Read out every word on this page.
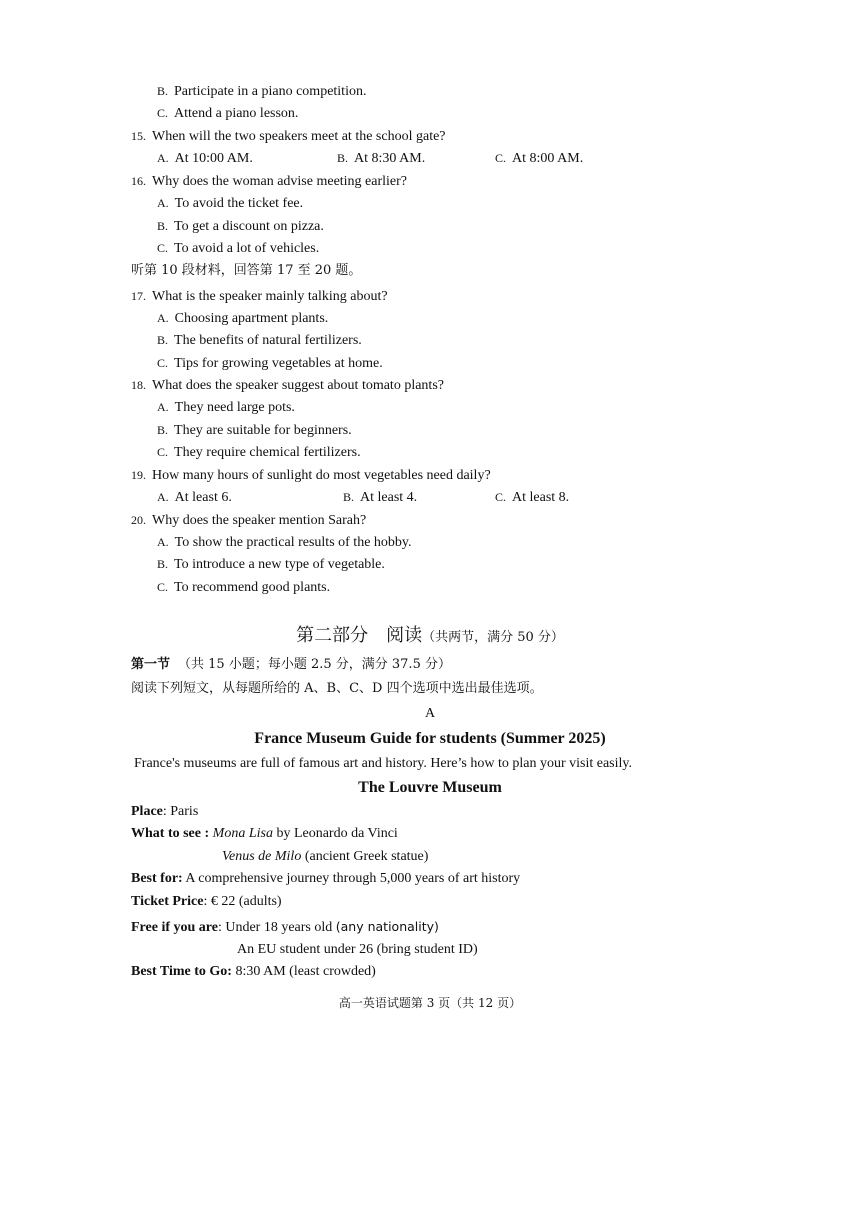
B. Participate in a piano competition.
C. Attend a piano lesson.
15. When will the two speakers meet at the school gate?
A. At 10:00 AM.	B. At 8:30 AM.	C. At 8:00 AM.
16. Why does the woman advise meeting earlier?
A. To avoid the ticket fee.
B. To get a discount on pizza.
C. To avoid a lot of vehicles.
听第 10 段材料，回答第 17 至 20 题。
17. What is the speaker mainly talking about?
A. Choosing apartment plants.
B. The benefits of natural fertilizers.
C. Tips for growing vegetables at home.
18. What does the speaker suggest about tomato plants?
A. They need large pots.
B. They are suitable for beginners.
C. They require chemical fertilizers.
19. How many hours of sunlight do most vegetables need daily?
A. At least 6.	B. At least 4.	C. At least 8.
20. Why does the speaker mention Sarah?
A. To show the practical results of the hobby.
B. To introduce a new type of vegetable.
C. To recommend good plants.
第二部分　阅读（共两节，满分 50 分）
第一节 （共 15 小题；每小题 2.5 分，满分 37.5 分）
阅读下列短文，从每题所给的 A、B、C、D 四个选项中选出最佳选项。
A
France Museum Guide for students (Summer 2025)
France's museums are full of famous art and history. Here’s how to plan your visit easily.
The Louvre Museum
Place: Paris
What to see : Mona Lisa by Leonardo da Vinci
Venus de Milo (ancient Greek statue)
Best for: A comprehensive journey through 5,000 years of art history
Ticket Price: € 22 (adults)
Free if you are: Under 18 years old (any nationality)
An EU student under 26 (bring student ID)
Best Time to Go: 8:30 AM (least crowded)
高一英语试题第 3 页（共 12 页）
